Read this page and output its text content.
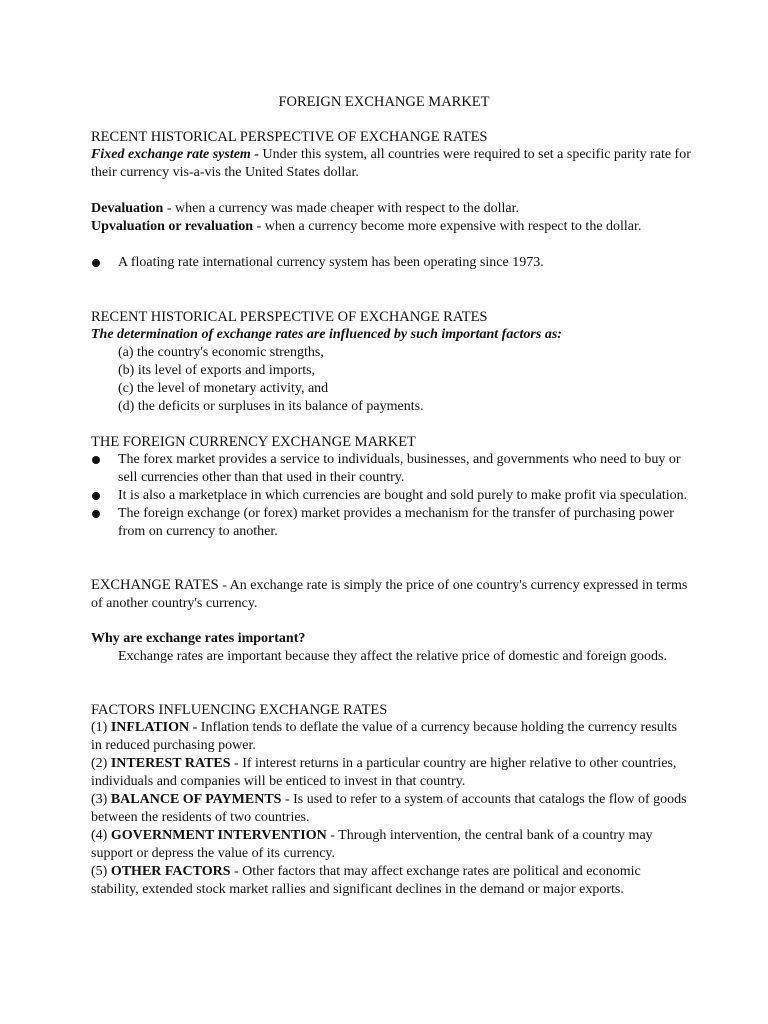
FOREIGN EXCHANGE MARKET
RECENT HISTORICAL PERSPECTIVE OF EXCHANGE RATES
Fixed exchange rate system - Under this system, all countries were required to set a specific parity rate for their currency vis-a-vis the United States dollar.
Devaluation - when a currency was made cheaper with respect to the dollar.
Upvaluation or revaluation - when a currency become more expensive with respect to the dollar.
A floating rate international currency system has been operating since 1973.
RECENT HISTORICAL PERSPECTIVE OF EXCHANGE RATES
The determination of exchange rates are influenced by such important factors as:
(a) the country's economic strengths,
(b) its level of exports and imports,
(c) the level of monetary activity, and
(d) the deficits or surpluses in its balance of payments.
THE FOREIGN CURRENCY EXCHANGE MARKET
The forex market provides a service to individuals, businesses, and governments who need to buy or sell currencies other than that used in their country.
It is also a marketplace in which currencies are bought and sold purely to make profit via speculation.
The foreign exchange (or forex) market provides a mechanism for the transfer of purchasing power from on currency to another.
EXCHANGE RATES - An exchange rate is simply the price of one country's currency expressed in terms of another country's currency.
Why are exchange rates important?
Exchange rates are important because they affect the relative price of domestic and foreign goods.
FACTORS INFLUENCING EXCHANGE RATES
(1) INFLATION - Inflation tends to deflate the value of a currency because holding the currency results in reduced purchasing power.
(2) INTEREST RATES - If interest returns in a particular country are higher relative to other countries, individuals and companies will be enticed to invest in that country.
(3) BALANCE OF PAYMENTS - Is used to refer to a system of accounts that catalogs the flow of goods between the residents of two countries.
(4) GOVERNMENT INTERVENTION - Through intervention, the central bank of a country may support or depress the value of its currency.
(5) OTHER FACTORS - Other factors that may affect exchange rates are political and economic stability, extended stock market rallies and significant declines in the demand or major exports.
